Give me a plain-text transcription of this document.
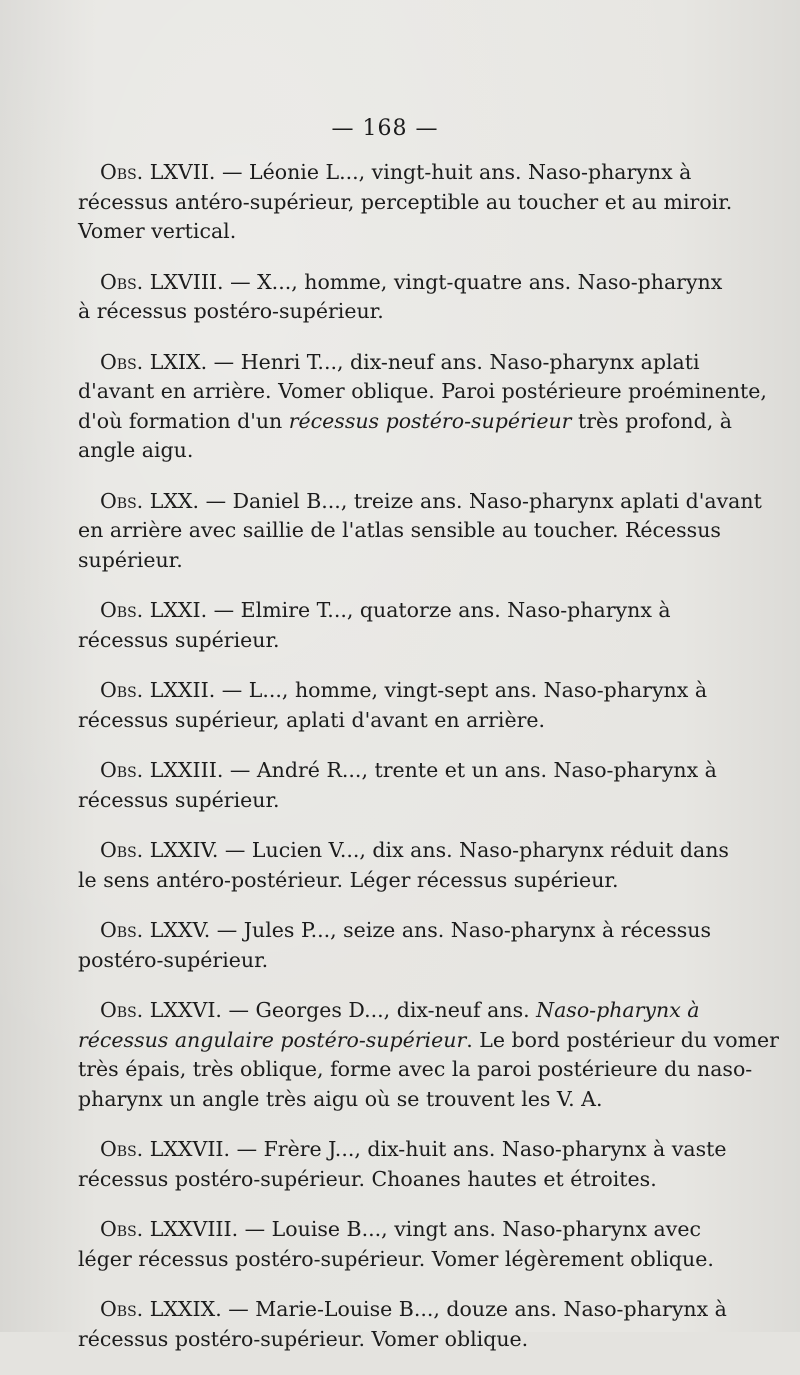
— 168 —

Obs. LXVII. — Léonie L..., vingt-huit ans. Naso-pharynx à
récessus antéro-supérieur, perceptible au toucher et au miroir.
Vomer vertical.

Obs. LXVIII. — X..., homme, vingt-quatre ans. Naso-pharynx
à récessus postéro-supérieur.

Obs. LXIX. — Henri T..., dix-neuf ans. Naso-pharynx aplati
d'avant en arrière. Vomer oblique. Paroi postérieure proéminente,
d'où formation d'un récessus postéro-supérieur très profond, à
angle aigu.

Obs. LXX. — Daniel B..., treize ans. Naso-pharynx aplati d'avant
en arrière avec saillie de l'atlas sensible au toucher. Récessus
supérieur.

Obs. LXXI. — Elmire T..., quatorze ans. Naso-pharynx à
récessus supérieur.

Obs. LXXII. — L..., homme, vingt-sept ans. Naso-pharynx à
récessus supérieur, aplati d'avant en arrière.

Obs. LXXIII. — André R..., trente et un ans. Naso-pharynx à
récessus supérieur.

Obs. LXXIV. — Lucien V..., dix ans. Naso-pharynx réduit dans
le sens antéro-postérieur. Léger récessus supérieur.

Obs. LXXV. — Jules P..., seize ans. Naso-pharynx à récessus
postéro-supérieur.

Obs. LXXVI. — Georges D..., dix-neuf ans. Naso-pharynx à
récessus angulaire postéro-supérieur. Le bord postérieur du vomer
très épais, très oblique, forme avec la paroi postérieure du naso-
pharynx un angle très aigu où se trouvent les V. A.

Obs. LXXVII. — Frère J..., dix-huit ans. Naso-pharynx à vaste
récessus postéro-supérieur. Choanes hautes et étroites.

Obs. LXXVIII. — Louise B..., vingt ans. Naso-pharynx avec
léger récessus postéro-supérieur. Vomer légèrement oblique.

Obs. LXXIX. — Marie-Louise B..., douze ans. Naso-pharynx à
récessus postéro-supérieur. Vomer oblique.
